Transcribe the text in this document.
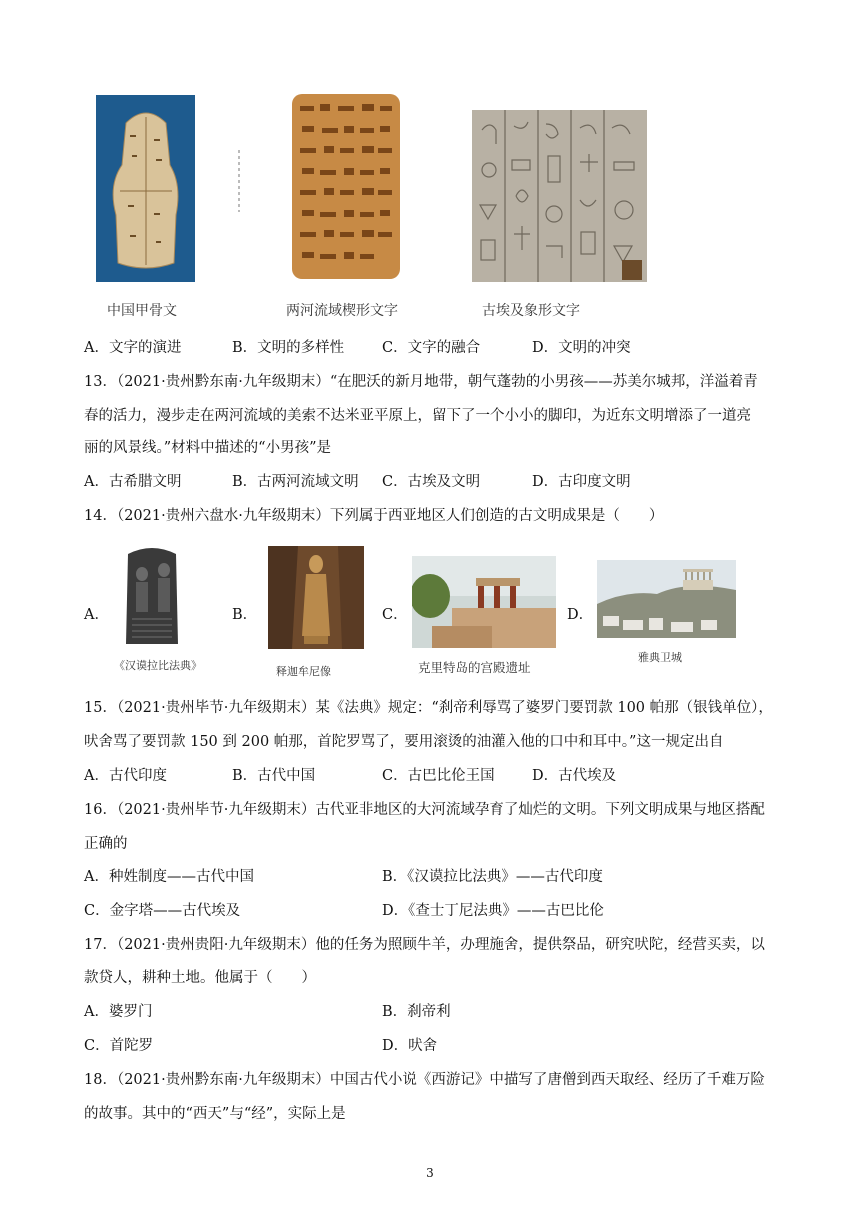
中国甲骨文	两河流域楔形文字	古埃及象形文字
A．文字的演进	B．文明的多样性	C．文字的融合	D．文明的冲突
13．（2021·贵州黔东南·九年级期末）“在肥沃的新月地带，朝气蓬勃的小男孩——苏美尔城邦，洋溢着青
春的活力，漫步走在两河流域的美索不达米亚平原上，留下了一个小小的脚印，为近东文明增添了一道亮
丽的风景线。”材料中描述的“小男孩”是
A．古希腊文明	B．古两河流域文明 C．古埃及文明	D．古印度文明
14．（2021·贵州六盘水·九年级期末）下列属于西亚地区人们创造的古文明成果是（　　）
A．
《汉谟拉比法典》
B．
释迦牟尼像
C．
克里特岛的宫殿遗址
D．
雅典卫城
15．（2021·贵州毕节·九年级期末）某《法典》规定：“刹帝利辱骂了婆罗门要罚款 100 帕那（银钱单位），
吠舍骂了要罚款 150 到 200 帕那，首陀罗骂了，要用滚烫的油灌入他的口中和耳中。”这一规定出自
A．古代印度	B．古代中国	C．古巴比伦王国	D．古代埃及
16．（2021·贵州毕节·九年级期末）古代亚非地区的大河流域孕育了灿烂的文明。下列文明成果与地区搭配
正确的
A．种姓制度——古代中国	B．《汉谟拉比法典》——古代印度
C．金字塔——古代埃及	D．《查士丁尼法典》——古巴比伦
17．（2021·贵州贵阳·九年级期末）他的任务为照顾牛羊，办理施舍，提供祭品，研究吠陀，经营买卖，以
款贷人，耕种土地。他属于（　　）
A．婆罗门	B．刹帝利
C．首陀罗	D．吠舍
18．（2021·贵州黔东南·九年级期末）中国古代小说《西游记》中描写了唐僧到西天取经、经历了千难万险
的故事。其中的“西天”与“经”，实际上是
3
